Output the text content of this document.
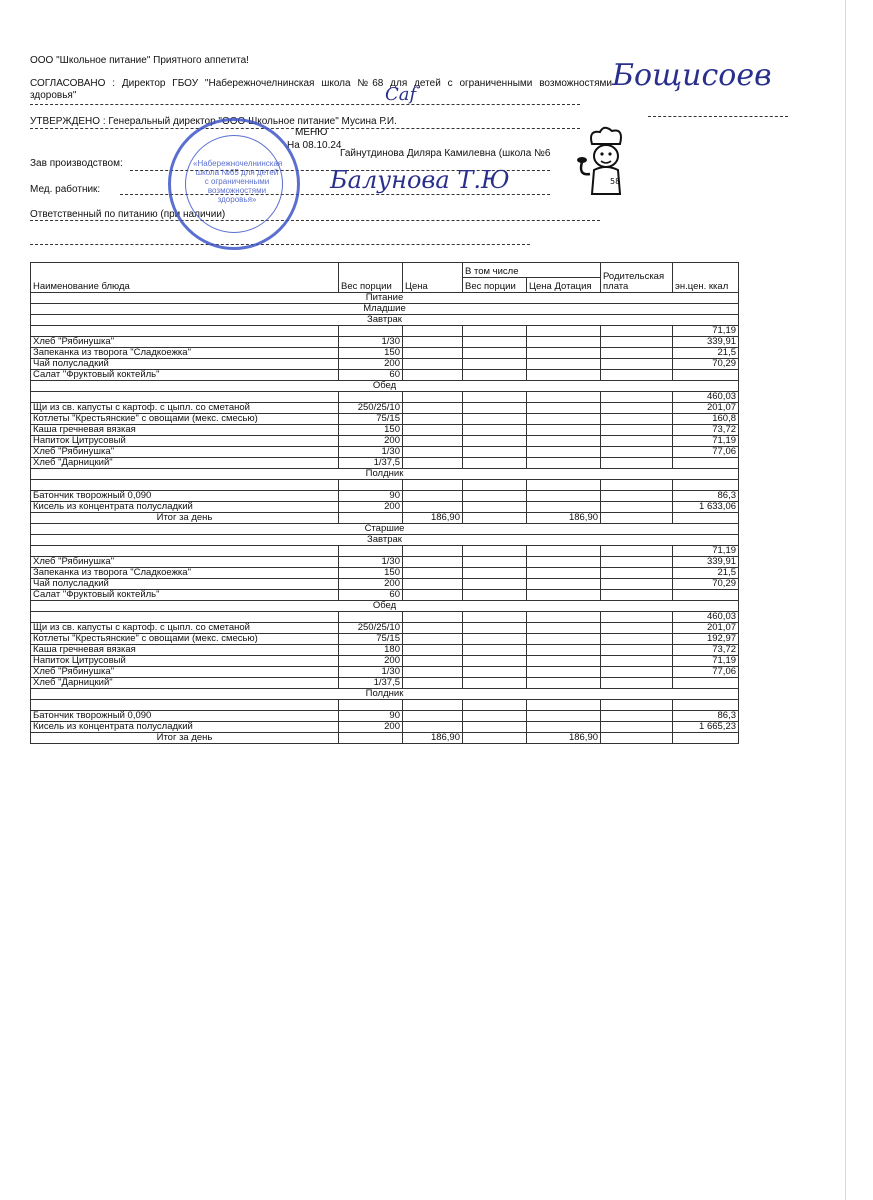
ООО "Школьное питание" Приятного аппетита!
СОГЛАСОВАНО : Директор ГБОУ "Набережночелнинская школа №68 для детей с ограниченными возможностями здоровья"
УТВЕРЖДЕНО : Генеральный директор "ООО Школьное питание" Мусина Р.И.
МЕНЮ
На 08.10.24
Зав производством:
Гайнутдинова Диляра Камилевна (школа №6
Мед. работник:
Ответственный по питанию (при наличии)
Бощисоев
Саf
Балунова Т.Ю
«Набережночелнинская школа №65 для детей с ограниченными возможностями здоровья»
58
Наименование блюда	Вес порции	Цена	В том числе		Родительская плата	эн.цен. ккал
			Вес порции	Цена Дотация		
Питание						
Младшие						
Завтрак						
						71,19
Хлеб "Рябинушка"	1/30					339,91
Запеканка из творога "Сладкоежка"	150					21,5
Чай полусладкий	200					70,29
Салат "Фруктовый коктейль"	60					
Обед						
						460,03
Щи из св. капусты с картоф. с цыпл. со сметаной	250/25/10					201,07
Котлеты "Крестьянские" с овощами (мекс. смесью)	75/15					160,8
Каша гречневая вязкая	150					73,72
Напиток Цитрусовый	200					71,19
Хлеб "Рябинушка"	1/30					77,06
Хлеб "Дарницкий"	1/37,5					
Полдник						

Батончик творожный 0,090	90					86,3
Кисель из концентрата полусладкий	200					1 633,06
Итог за день		186,90		186,90		
Старшие						
Завтрак						
						71,19
Хлеб "Рябинушка"	1/30					339,91
Запеканка из творога "Сладкоежка"	150					21,5
Чай полусладкий	200					70,29
Салат "Фруктовый коктейль"	60					
Обед						
						460,03
Щи из св. капусты с картоф. с цыпл. со сметаной	250/25/10					201,07
Котлеты "Крестьянские" с овощами (мекс. смесью)	75/15					192,97
Каша гречневая вязкая	180					73,72
Напиток Цитрусовый	200					71,19
Хлеб "Рябинушка"	1/30					77,06
Хлеб "Дарницкий"	1/37,5					
Полдник						

Батончик творожный 0,090	90					86,3
Кисель из концентрата полусладкий	200					1 665,23
Итог за день		186,90		186,90		
